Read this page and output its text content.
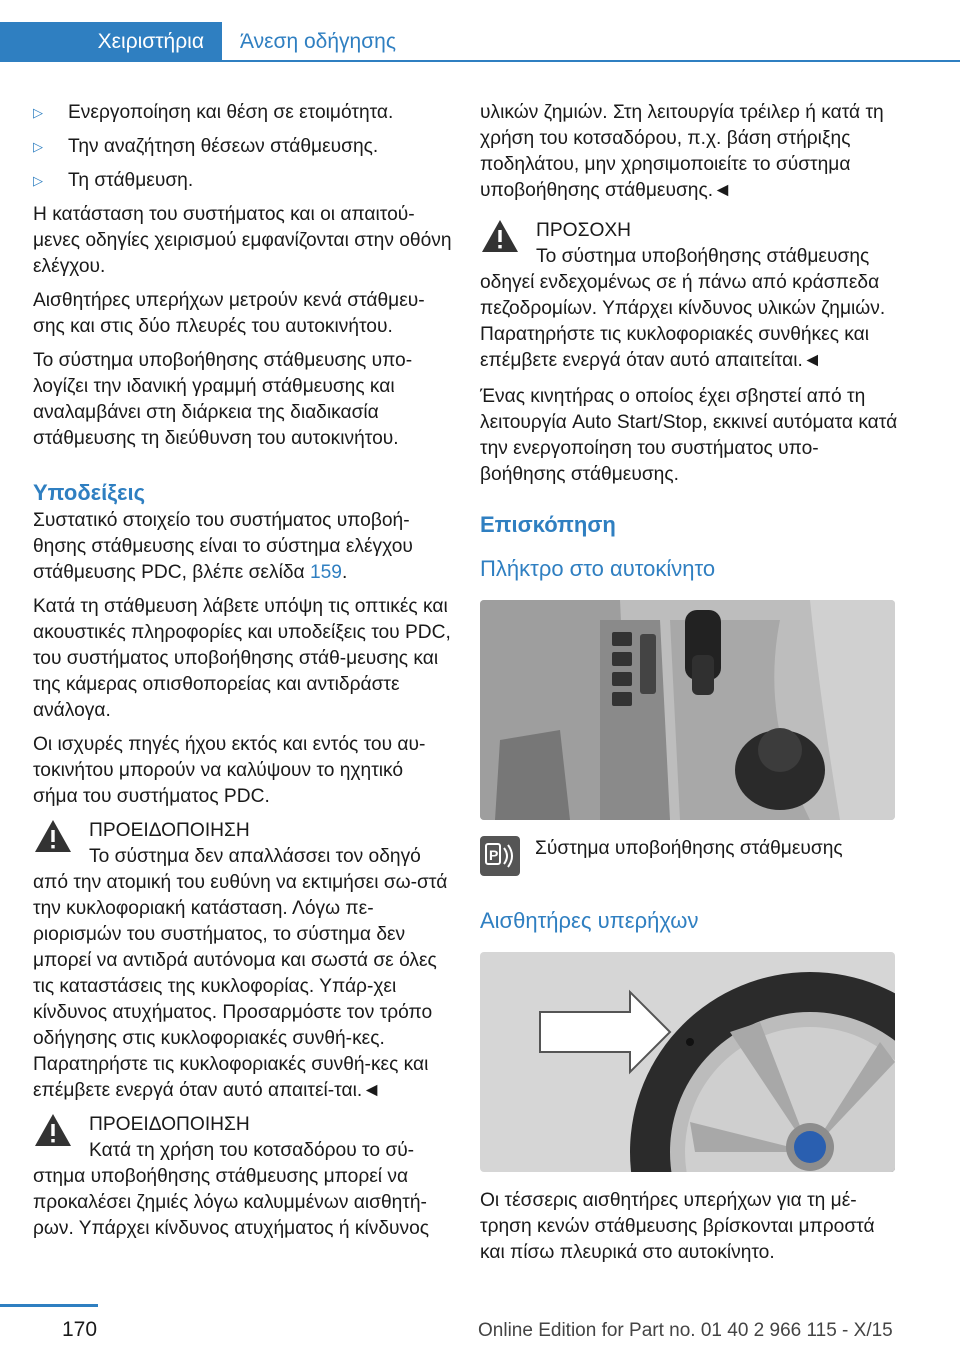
Χειριστήρια	Άνεση οδήγησης
▷ Ενεργοποίηση και θέση σε ετοιμότητα.
▷ Την αναζήτηση θέσεων στάθμευσης.
▷ Τη στάθμευση.

Η κατάσταση του συστήματος και οι απαιτού‐μενες οδηγίες χειρισμού εμφανίζονται στην οθόνη ελέγχου.

Αισθητήρες υπερήχων μετρούν κενά στάθμευ‐σης και στις δύο πλευρές του αυτοκινήτου.

Το σύστημα υποβοήθησης στάθμευσης υπο‐λογίζει την ιδανική γραμμή στάθμευσης και αναλαμβάνει στη διάρκεια της διαδικασία στάθμευσης τη διεύθυνση του αυτοκινήτου.

Υποδείξεις

Συστατικό στοιχείο του συστήματος υποβοή‐θησης στάθμευσης είναι το σύστημα ελέγχου στάθμευσης PDC, βλέπε σελίδα 159.

Κατά τη στάθμευση λάβετε υπόψη τις οπτικές και ακουστικές πληροφορίες και υποδείξεις του PDC, του συστήματος υποβοήθησης στάθ‐μευσης και της κάμερας οπισθοπορείας και αντιδράστε ανάλογα.

Οι ισχυρές πηγές ήχου εκτός και εντός του αυ‐τοκινήτου μπορούν να καλύψουν το ηχητικό σήμα του συστήματος PDC.

ΠΡΟΕΙΔΟΠΟΙΗΣΗ
Το σύστημα δεν απαλλάσσει τον οδηγό από την ατομική του ευθύνη να εκτιμήσει σω‐στά την κυκλοφοριακή κατάσταση. Λόγω πε‐ριορισμών του συστήματος, το σύστημα δεν μπορεί να αντιδρά αυτόνομα και σωστά σε όλες τις καταστάσεις της κυκλοφορίας. Υπάρ‐χει κίνδυνος ατυχήματος. Προσαρμόστε τον τρόπο οδήγησης στις κυκλοφοριακές συνθή‐κες. Παρατηρήστε τις κυκλοφοριακές συνθή‐κες και επέμβετε ενεργά όταν αυτό απαιτεί‐ται.◄
ΠΡΟΕΙΔΟΠΟΙΗΣΗ
Κατά τη χρήση του κοτσαδόρου το σύ‐στημα υποβοήθησης στάθμευσης μπορεί να προκαλέσει ζημιές λόγω καλυμμένων αισθητή‐ρων. Υπάρχει κίνδυνος ατυχήματος ή κίνδυνος

υλικών ζημιών. Στη λειτουργία τρέιλερ ή κατά τη χρήση του κοτσαδόρου, π.χ. βάση στήριξης ποδηλάτου, μην χρησιμοποιείτε το σύστημα υποβοήθησης στάθμευσης.◄

ΠΡΟΣΟΧΗ
Το σύστημα υποβοήθησης στάθμευσης οδηγεί ενδεχομένως σε ή πάνω από κράσπεδα πεζοδρομίων. Υπάρχει κίνδυνος υλικών ζημιών. Παρατηρήστε τις κυκλοφοριακές συνθήκες και επέμβετε ενεργά όταν αυτό απαιτείται.◄

Ένας κινητήρας ο οποίος έχει σβηστεί από τη λειτουργία Auto Start/Stop, εκκινεί αυτόματα κατά την ενεργοποίηση του συστήματος υπο‐βοήθησης στάθμευσης.

Επισκόπηση
Πλήκτρο στο αυτοκίνητο
P Σύστημα υποβοήθησης στάθμευσης
Αισθητήρες υπερήχων

Οι τέσσερις αισθητήρες υπερήχων για τη μέ‐τρηση κενών στάθμευσης βρίσκονται μπροστά και πίσω πλευρικά στο αυτοκίνητο.

170	Online Edition for Part no. 01 40 2 966 115 - X/15
